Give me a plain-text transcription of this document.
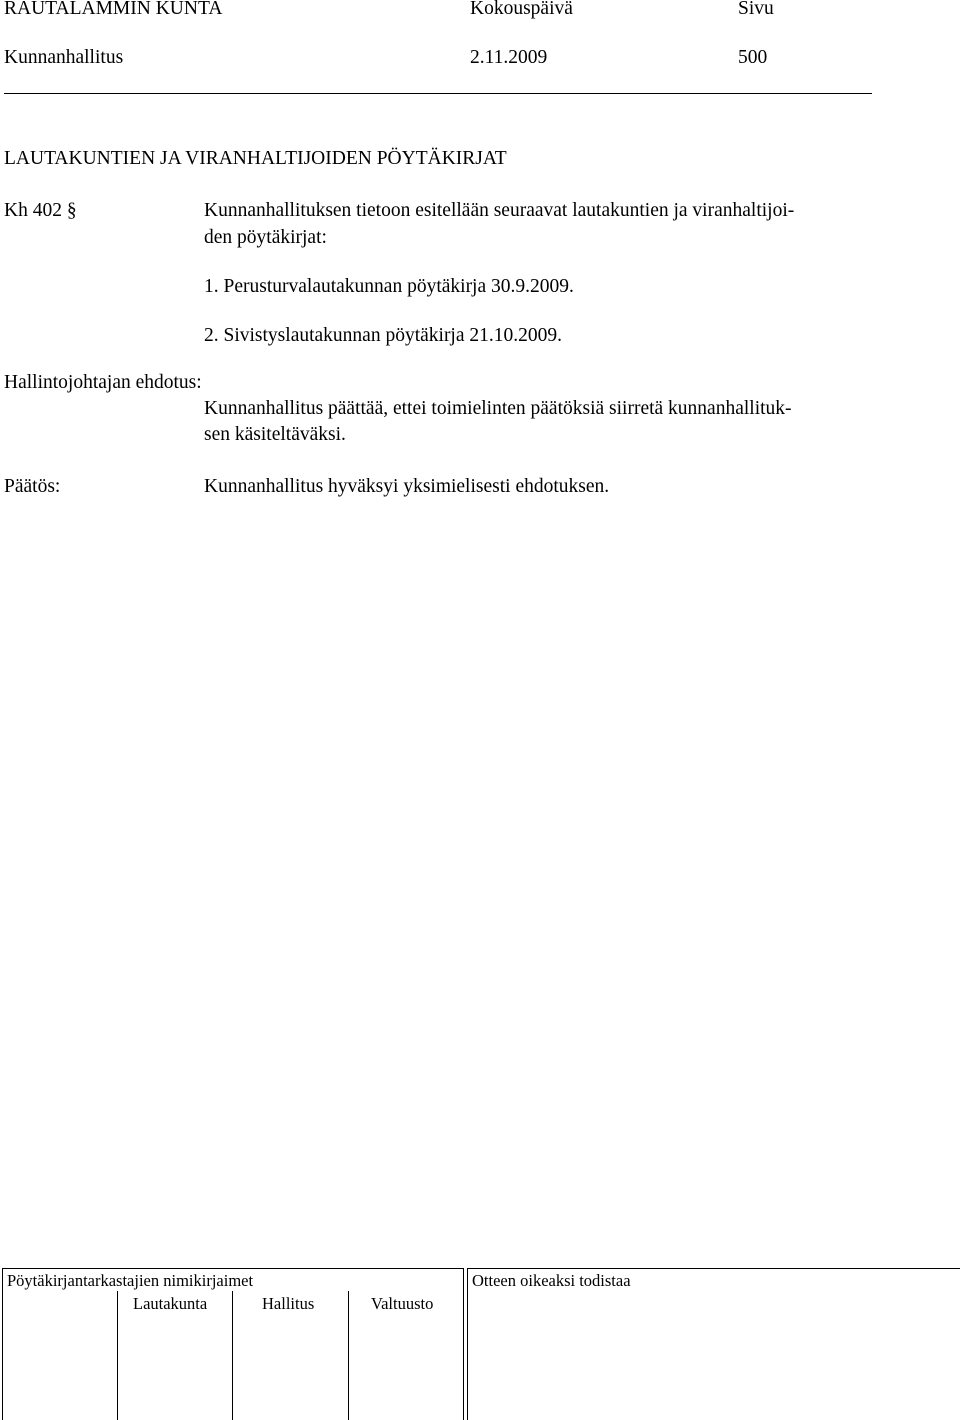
RAUTALAMMIN KUNTA	Kokouspäivä	Sivu
Kunnanhallitus	2.11.2009	500
LAUTAKUNTIEN JA VIRANHALTIJOIDEN PÖYTÄKIRJAT
Kh 402 §	Kunnanhallituksen tietoon esitellään seuraavat lautakuntien ja viranhaltijoi-
den pöytäkirjat:
1. Perusturvalautakunnan pöytäkirja 30.9.2009.
2. Sivistyslautakunnan pöytäkirja 21.10.2009.
Hallintojohtajan ehdotus:
Kunnanhallitus päättää, ettei toimielinten päätöksiä siirretä kunnanhallituk-
sen käsiteltäväksi.
Päätös:	Kunnanhallitus hyväksyi yksimielisesti ehdotuksen.
Pöytäkirjantarkastajien nimikirjaimet	Otteen oikeaksi todistaa
Lautakunta	Hallitus	Valtuusto
